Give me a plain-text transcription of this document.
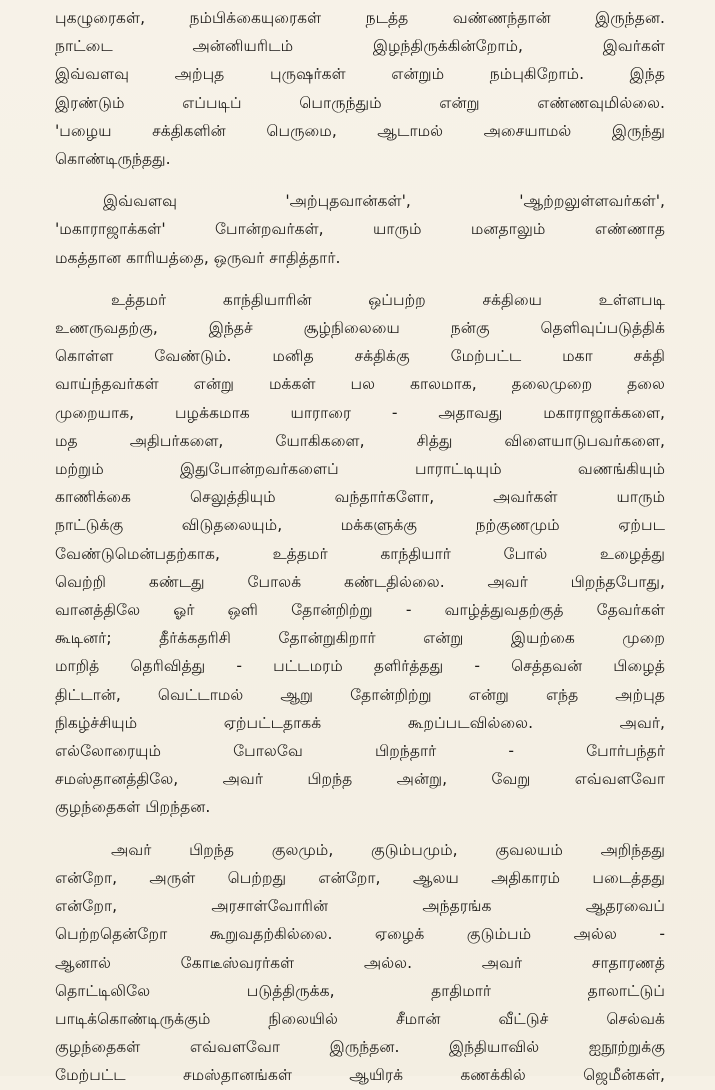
புகழுரைகள், நம்பிக்கையுரைகள் நடத்த வண்ணந்தான் இருந்தன.
நாட்டை அன்னியரிடம் இழந்திருக்கின்றோம், இவர்கள்
இவ்வளவு அற்புத புருஷர்கள் என்றும் நம்புகிறோம். இந்த
இரண்டும் எப்படிப் பொருந்தும் என்று எண்ணவுமில்லை.
'பழைய சக்திகளின் பெருமை, ஆடாமல் அசையாமல் இருந்து
கொண்டிருந்தது.

இவ்வளவு 'அற்புதவான்கள்', 'ஆற்றலுள்ளவர்கள்',
'மகாராஜாக்கள்' போன்றவர்கள், யாரும் மனதாலும் எண்ணாத
மகத்தான காரியத்தை, ஒருவர் சாதித்தார்.

உத்தமர் காந்தியாரின் ஒப்பற்ற சக்தியை உள்ளபடி
உணருவதற்கு, இந்தச் சூழ்நிலையை நன்கு தெளிவுப்படுத்திக்
கொள்ள வேண்டும். மனித சக்திக்கு மேற்பட்ட மகா சக்தி
வாய்ந்தவர்கள் என்று மக்கள் பல காலமாக, தலைமுறை தலை
முறையாக, பழக்கமாக யாராரை - அதாவது மகாராஜாக்களை,
மத அதிபர்களை, யோகிகளை, சித்து விளையாடுபவர்களை,
மற்றும் இதுபோன்றவர்களைப் பாராட்டியும் வணங்கியும்
காணிக்கை செலுத்தியும் வந்தார்களோ, அவர்கள் யாரும்
நாட்டுக்கு விடுதலையும், மக்களுக்கு நற்குணமும் ஏற்பட
வேண்டுமென்பதற்காக, உத்தமர் காந்தியார் போல் உழைத்து
வெற்றி கண்டது போலக் கண்டதில்லை. அவர் பிறந்தபோது,
வானத்திலே ஓர் ஒளி தோன்றிற்று - வாழ்த்துவதற்குத் தேவர்கள்
கூடினர்; தீர்க்கதரிசி தோன்றுகிறார் என்று இயற்கை முறை
மாறித் தெரிவித்து - பட்டமரம் தளிர்த்தது - செத்தவன் பிழைத்
திட்டான், வெட்டாமல் ஆறு தோன்றிற்று என்று எந்த அற்புத
நிகழ்ச்சியும் ஏற்பட்டதாகக் கூறப்படவில்லை. அவர்,
எல்லோரையும் போலவே பிறந்தார் - போர்பந்தர்
சமஸ்தானத்திலே, அவர் பிறந்த அன்று, வேறு எவ்வளவோ
குழந்தைகள் பிறந்தன.

அவர் பிறந்த குலமும், குடும்பமும், குவலயம் அறிந்தது
என்றோ, அருள் பெற்றது என்றோ, ஆலய அதிகாரம் படைத்தது
என்றோ, அரசாள்வோரின் அந்தரங்க ஆதரவைப்
பெற்றதென்றோ கூறுவதற்கில்லை. ஏழைக் குடும்பம் அல்ல -
ஆனால் கோடீஸ்வரர்கள் அல்ல. அவர் சாதாரணத்
தொட்டிலிலே படுத்திருக்க, தாதிமார் தாலாட்டுப்
பாடிக்கொண்டிருக்கும் நிலையில் சீமான் வீட்டுச் செல்வக்
குழந்தைகள் எவ்வளவோ இருந்தன. இந்தியாவில் ஐநூற்றுக்கு
மேற்பட்ட சமஸ்தானங்கள் ஆயிரக் கணக்கில் ஜெமீன்கள்,
